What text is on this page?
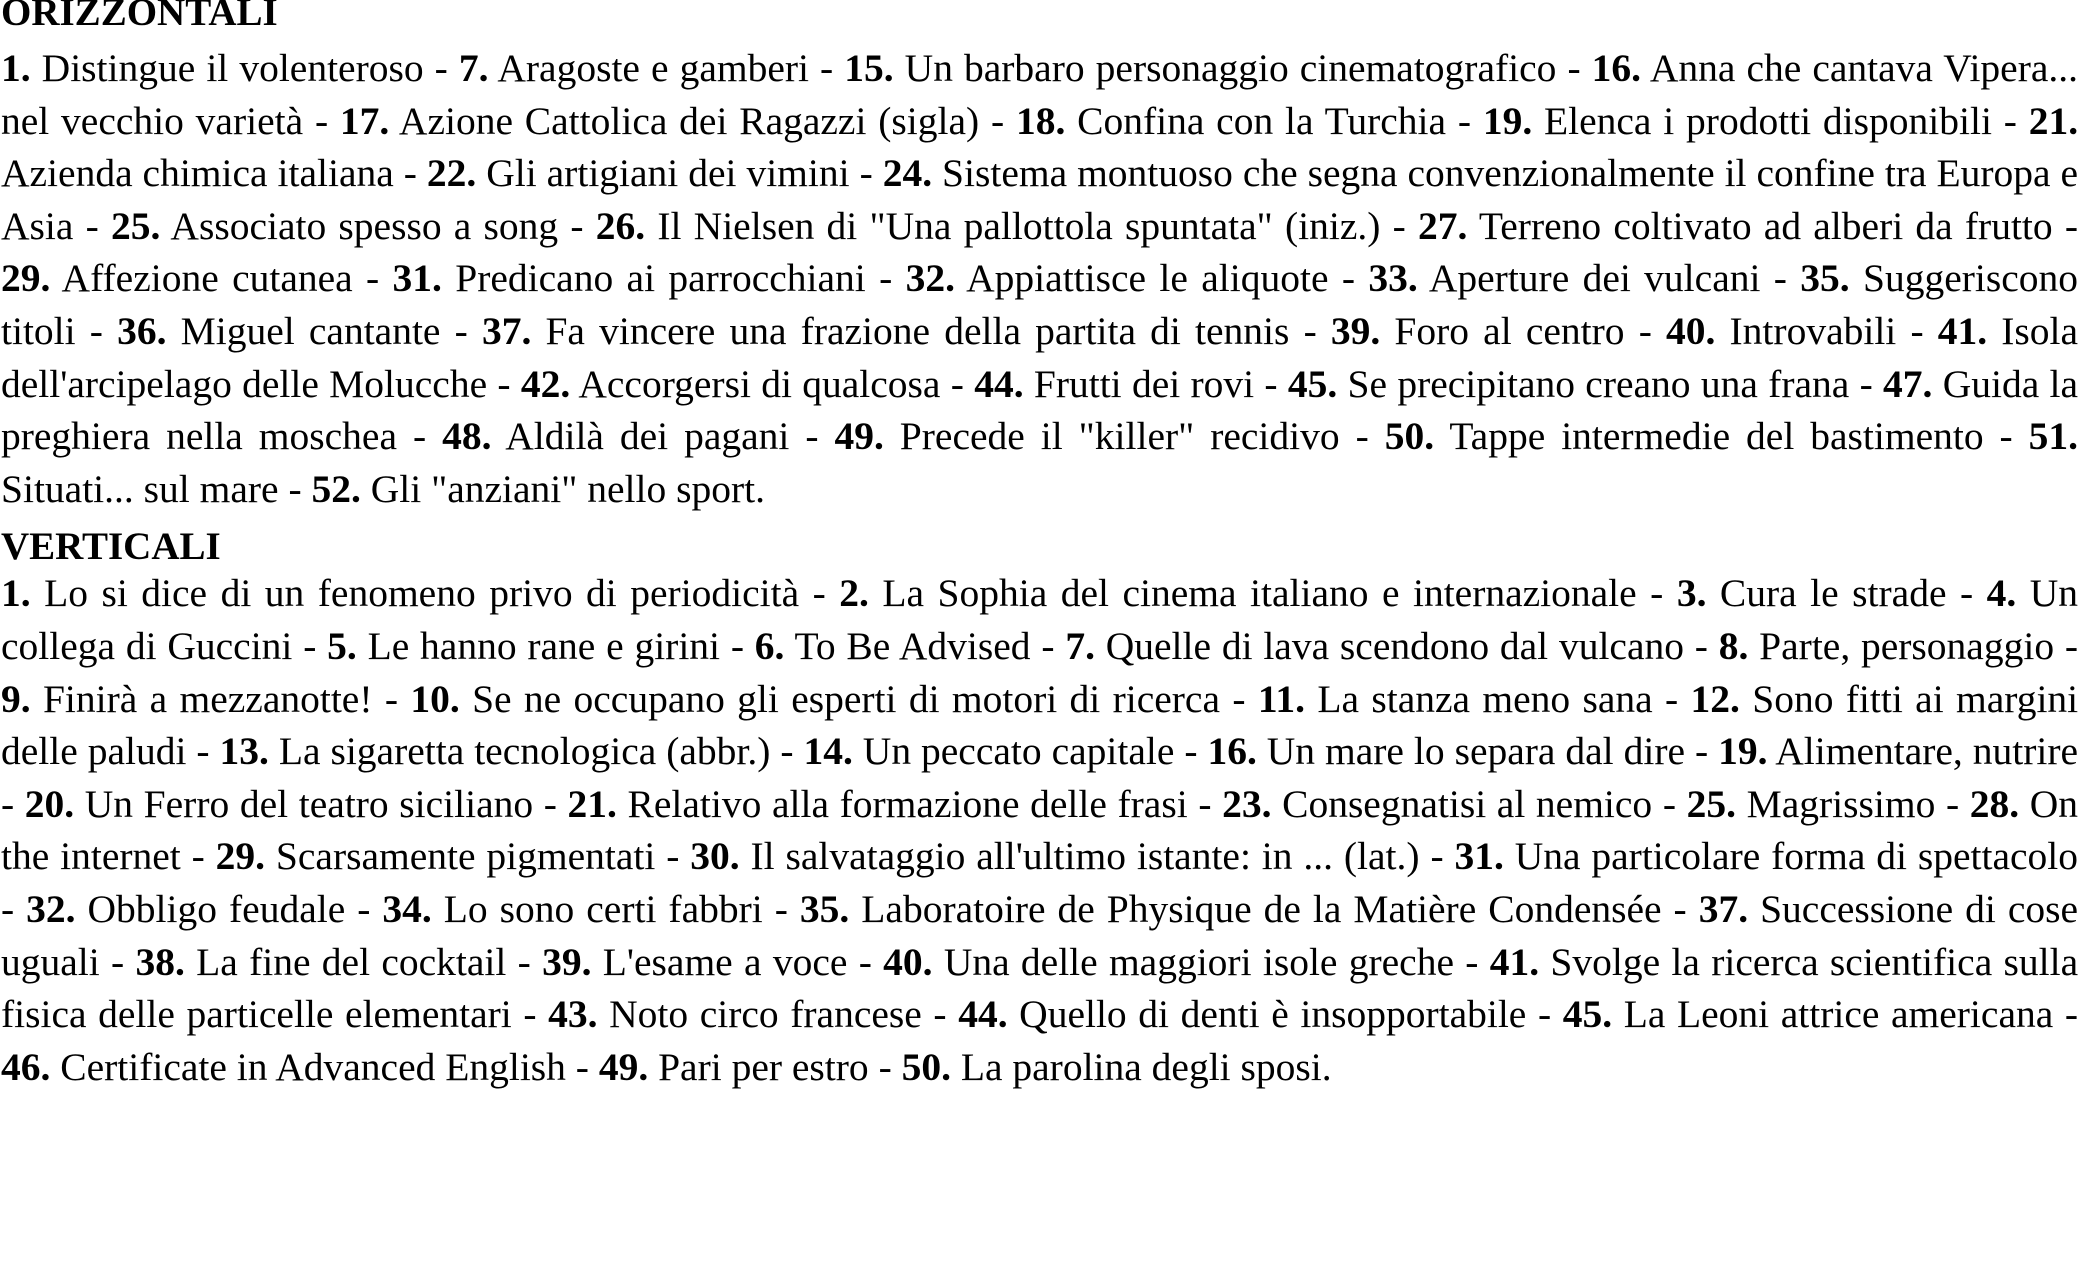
ORIZZONTALI

1. Distingue il volenteroso - 7. Aragoste e gamberi - 15. Un barbaro personaggio cinematografico - 16. Anna che cantava Vipera... nel vecchio varietà - 17. Azione Cattolica dei Ragazzi (sigla) - 18. Confina con la Turchia - 19. Elenca i prodotti disponibili - 21. Azienda chimica italiana - 22. Gli artigiani dei vimini - 24. Sistema montuoso che segna convenzionalmente il confine tra Europa e Asia - 25. Associato spesso a song - 26. Il Nielsen di "Una pallottola spuntata" (iniz.) - 27. Terreno coltivato ad alberi da frutto - 29. Affezione cutanea - 31. Predicano ai parrocchiani - 32. Appiattisce le aliquote - 33. Aperture dei vulcani - 35. Suggeriscono titoli - 36. Miguel cantante - 37. Fa vincere una frazione della partita di tennis - 39. Foro al centro - 40. Introvabili - 41. Isola dell'arcipelago delle Molucche - 42. Accorgersi di qualcosa - 44. Frutti dei rovi - 45. Se precipitano creano una frana - 47. Guida la preghiera nella moschea - 48. Aldilà dei pagani - 49. Precede il "killer" recidivo - 50. Tappe intermedie del bastimento - 51. Situati... sul mare - 52. Gli "anziani" nello sport.

VERTICALI

1. Lo si dice di un fenomeno privo di periodicità - 2. La Sophia del cinema italiano e internazionale - 3. Cura le strade - 4. Un collega di Guccini - 5. Le hanno rane e girini - 6. To Be Advised - 7. Quelle di lava scendono dal vulcano - 8. Parte, personaggio - 9. Finirà a mezzanotte! - 10. Se ne occupano gli esperti di motori di ricerca - 11. La stanza meno sana - 12. Sono fitti ai margini delle paludi - 13. La sigaretta tecnologica (abbr.) - 14. Un peccato capitale - 16. Un mare lo separa dal dire - 19. Alimentare, nutrire - 20. Un Ferro del teatro siciliano - 21. Relativo alla formazione delle frasi - 23. Consegnatisi al nemico - 25. Magrissimo - 28. On the internet - 29. Scarsamente pigmentati - 30. Il salvataggio all'ultimo istante: in ... (lat.) - 31. Una particolare forma di spettacolo - 32. Obbligo feudale - 34. Lo sono certi fabbri - 35. Laboratoire de Physique de la Matière Condensée - 37. Successione di cose uguali - 38. La fine del cocktail - 39. L'esame a voce - 40. Una delle maggiori isole greche - 41. Svolge la ricerca scientifica sulla fisica delle particelle elementari - 43. Noto circo francese - 44. Quello di denti è insopportabile - 45. La Leoni attrice americana - 46. Certificate in Advanced English - 49. Pari per estro - 50. La parolina degli sposi.
